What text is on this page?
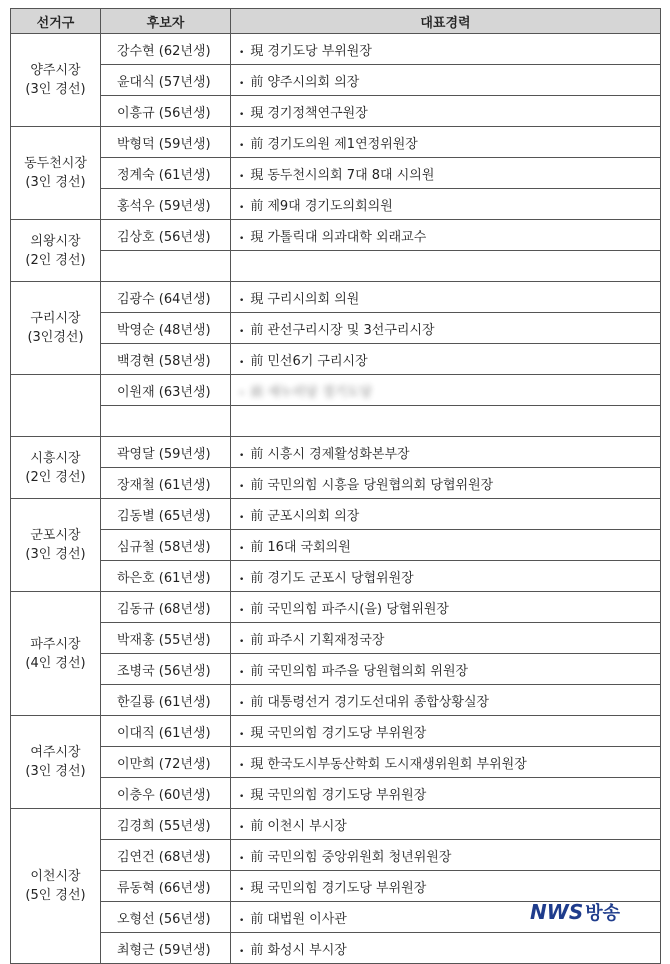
선거구	후보자	대표경력

양주시장
(3인 경선)	강수현 (62년생)	• 現 경기도당 부위원장
	윤대식 (57년생)	• 前 양주시의회 의장
	이흥규 (56년생)	• 現 경기정책연구원장

동두천시장
(3인 경선)	박형덕 (59년생)	• 前 경기도의원 제1연정위원장
	정계숙 (61년생)	• 現 동두천시의회 7대 8대 시의원
	홍석우 (59년생)	• 前 제9대 경기도의회의원

의왕시장
(2인 경선)	김상호 (56년생)	• 現 가톨릭대 의과대학 외래교수

구리시장
(3인경선)	김광수 (64년생)	• 現 구리시의회 의원
	박영순 (48년생)	• 前 관선구리시장 및 3선구리시장
	백경현 (58년생)	• 前 민선6기 구리시장

	이원재 (63년생)	• 前 새누리당 경기도당

시흥시장
(2인 경선)	곽영달 (59년생)	• 前 시흥시 경제활성화본부장
	장재철 (61년생)	• 前 국민의힘 시흥을 당원협의회 당협위원장

군포시장
(3인 경선)	김동별 (65년생)	• 前 군포시의회 의장
	심규철 (58년생)	• 前 16대 국회의원
	하은호 (61년생)	• 前 경기도 군포시 당협위원장

파주시장
(4인 경선)	김동규 (68년생)	• 前 국민의힘 파주시(을) 당협위원장
	박재홍 (55년생)	• 前 파주시 기획재정국장
	조병국 (56년생)	• 前 국민의힘 파주을 당원협의회 위원장
	한길룡 (61년생)	• 前 대통령선거 경기도선대위 종합상황실장

여주시장
(3인 경선)	이대직 (61년생)	• 現 국민의힘 경기도당 부위원장
	이만희 (72년생)	• 現 한국도시부동산학회 도시재생위원회 부위원장
	이충우 (60년생)	• 現 국민의힘 경기도당 부위원장

이천시장
(5인 경선)	김경희 (55년생)	• 前 이천시 부시장
	김연건 (68년생)	• 前 국민의힘 중앙위원회 청년위원장
	류동혁 (66년생)	• 現 국민의힘 경기도당 부위원장
	오형선 (56년생)	• 前 대법원 이사관
	최형근 (59년생)	• 前 화성시 부시장
NWS 방송
